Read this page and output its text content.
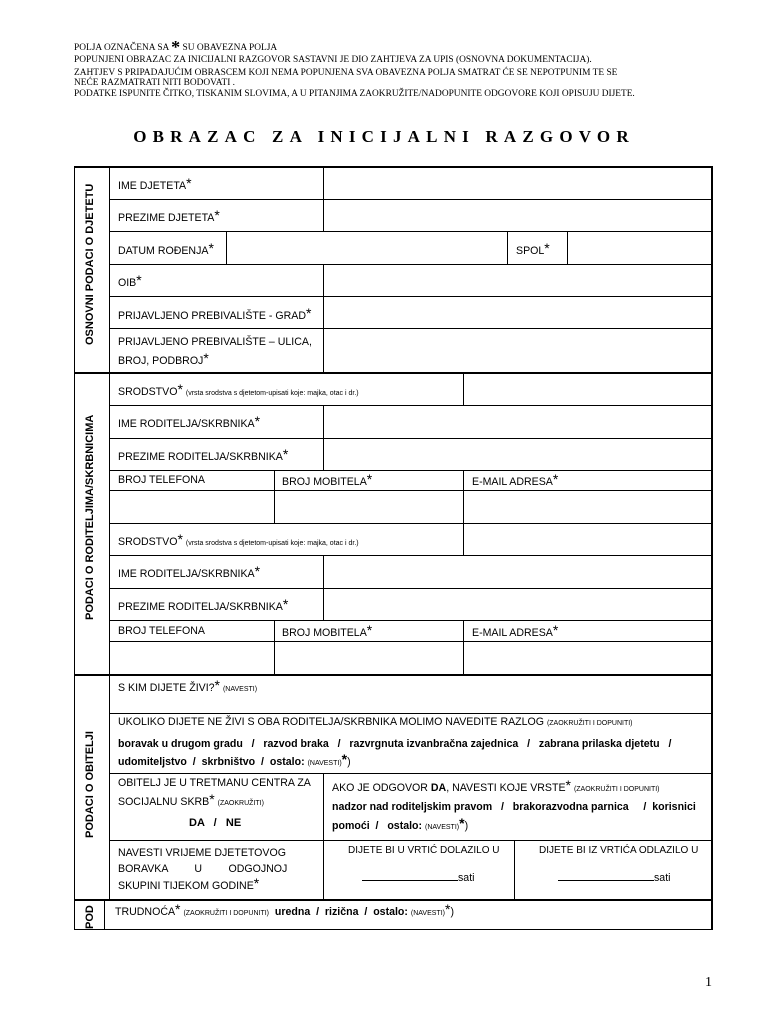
POLJA OZNAČENA SA * SU OBAVEZNA POLJA
POPUNJENI OBRAZAC ZA INICIJALNI RAZGOVOR SASTAVNI JE DIO ZAHTJEVA ZA UPIS (OSNOVNA DOKUMENTACIJA).
ZAHTJEV S PRIPADAJUĆIM OBRASCEM KOJI NEMA POPUNJENA SVA OBAVEZNA POLJA SMATRAT ĆE SE NEPOTPUNIM TE SE
NEĆE RAZMATRATI NITI BODOVATI .
PODATKE ISPUNITE ČITKO, TISKANIM SLOVIMA, A U PITANJIMA ZAOKRUŽITE/NADOPUNITE ODGOVORE KOJI OPISUJU DIJETE.
OBRAZAC ZA INICIJALNI RAZGOVOR
OSNOVNI PODACI O DJETETU
PODACI O RODITELJIMA/SKRBNICIMA
PODACI O OBITELJI
POD
IME DJETETA*
PREZIME DJETETA*
DATUM ROĐENJA*	SPOL*
OIB*
PRIJAVLJENO PREBIVALIŠTE - GRAD*
PRIJAVLJENO PREBIVALIŠTE – ULICA,
BROJ, PODBROJ*
SRODSTVO* (vrsta srodstva s djetetom-upisati koje: majka, otac i dr.)
IME RODITELJA/SKRBNIKA*
PREZIME RODITELJA/SKRBNIKA*
BROJ TELEFONA	BROJ MOBITELA*	E-MAIL ADRESA*
SRODSTVO* (vrsta srodstva s djetetom-upisati koje: majka, otac i dr.)
IME RODITELJA/SKRBNIKA*
PREZIME RODITELJA/SKRBNIKA*
BROJ TELEFONA	BROJ MOBITELA*	E-MAIL ADRESA*
S KIM DIJETE ŽIVI?* (NAVESTI)
UKOLIKO DIJETE NE ŽIVI S OBA RODITELJA/SKRBNIKA MOLIMO NAVEDITE RAZLOG (ZAOKRUŽITI I DOPUNITI)
boravak u drugom gradu   /   razvod braka   /   razvrgnuta izvanbračna zajednica   /   zabrana prilaska djetetu   /
udomiteljstvo  /  skrbništvo  /  ostalo: (NAVESTI)*)
OBITELJ JE U TRETMANU CENTRA ZA
SOCIJALNU SKRB* (ZAOKRUŽITI)
DA   /   NE
AKO JE ODGOVOR DA, NAVESTI KOJE VRSTE* (ZAOKRUŽITI I DOPUNITI)
nadzor nad roditeljskim pravom   /   brakorazvodna parnica     /  korisnici
pomoći  /   ostalo: (NAVESTI)*)
NAVESTI VRIJEME DJETETOVOG
BORAVKA         U         ODGOJNOJ
SKUPINI TIJEKOM GODINE*
DIJETE BI U VRTIĆ DOLAZILO U
sati
DIJETE BI IZ VRTIĆA ODLAZILO U
sati
TRUDNOĆA* (ZAOKRUŽITI I DOPUNITI) uredna  /  rizična  /  ostalo: (NAVESTI)*)
1
